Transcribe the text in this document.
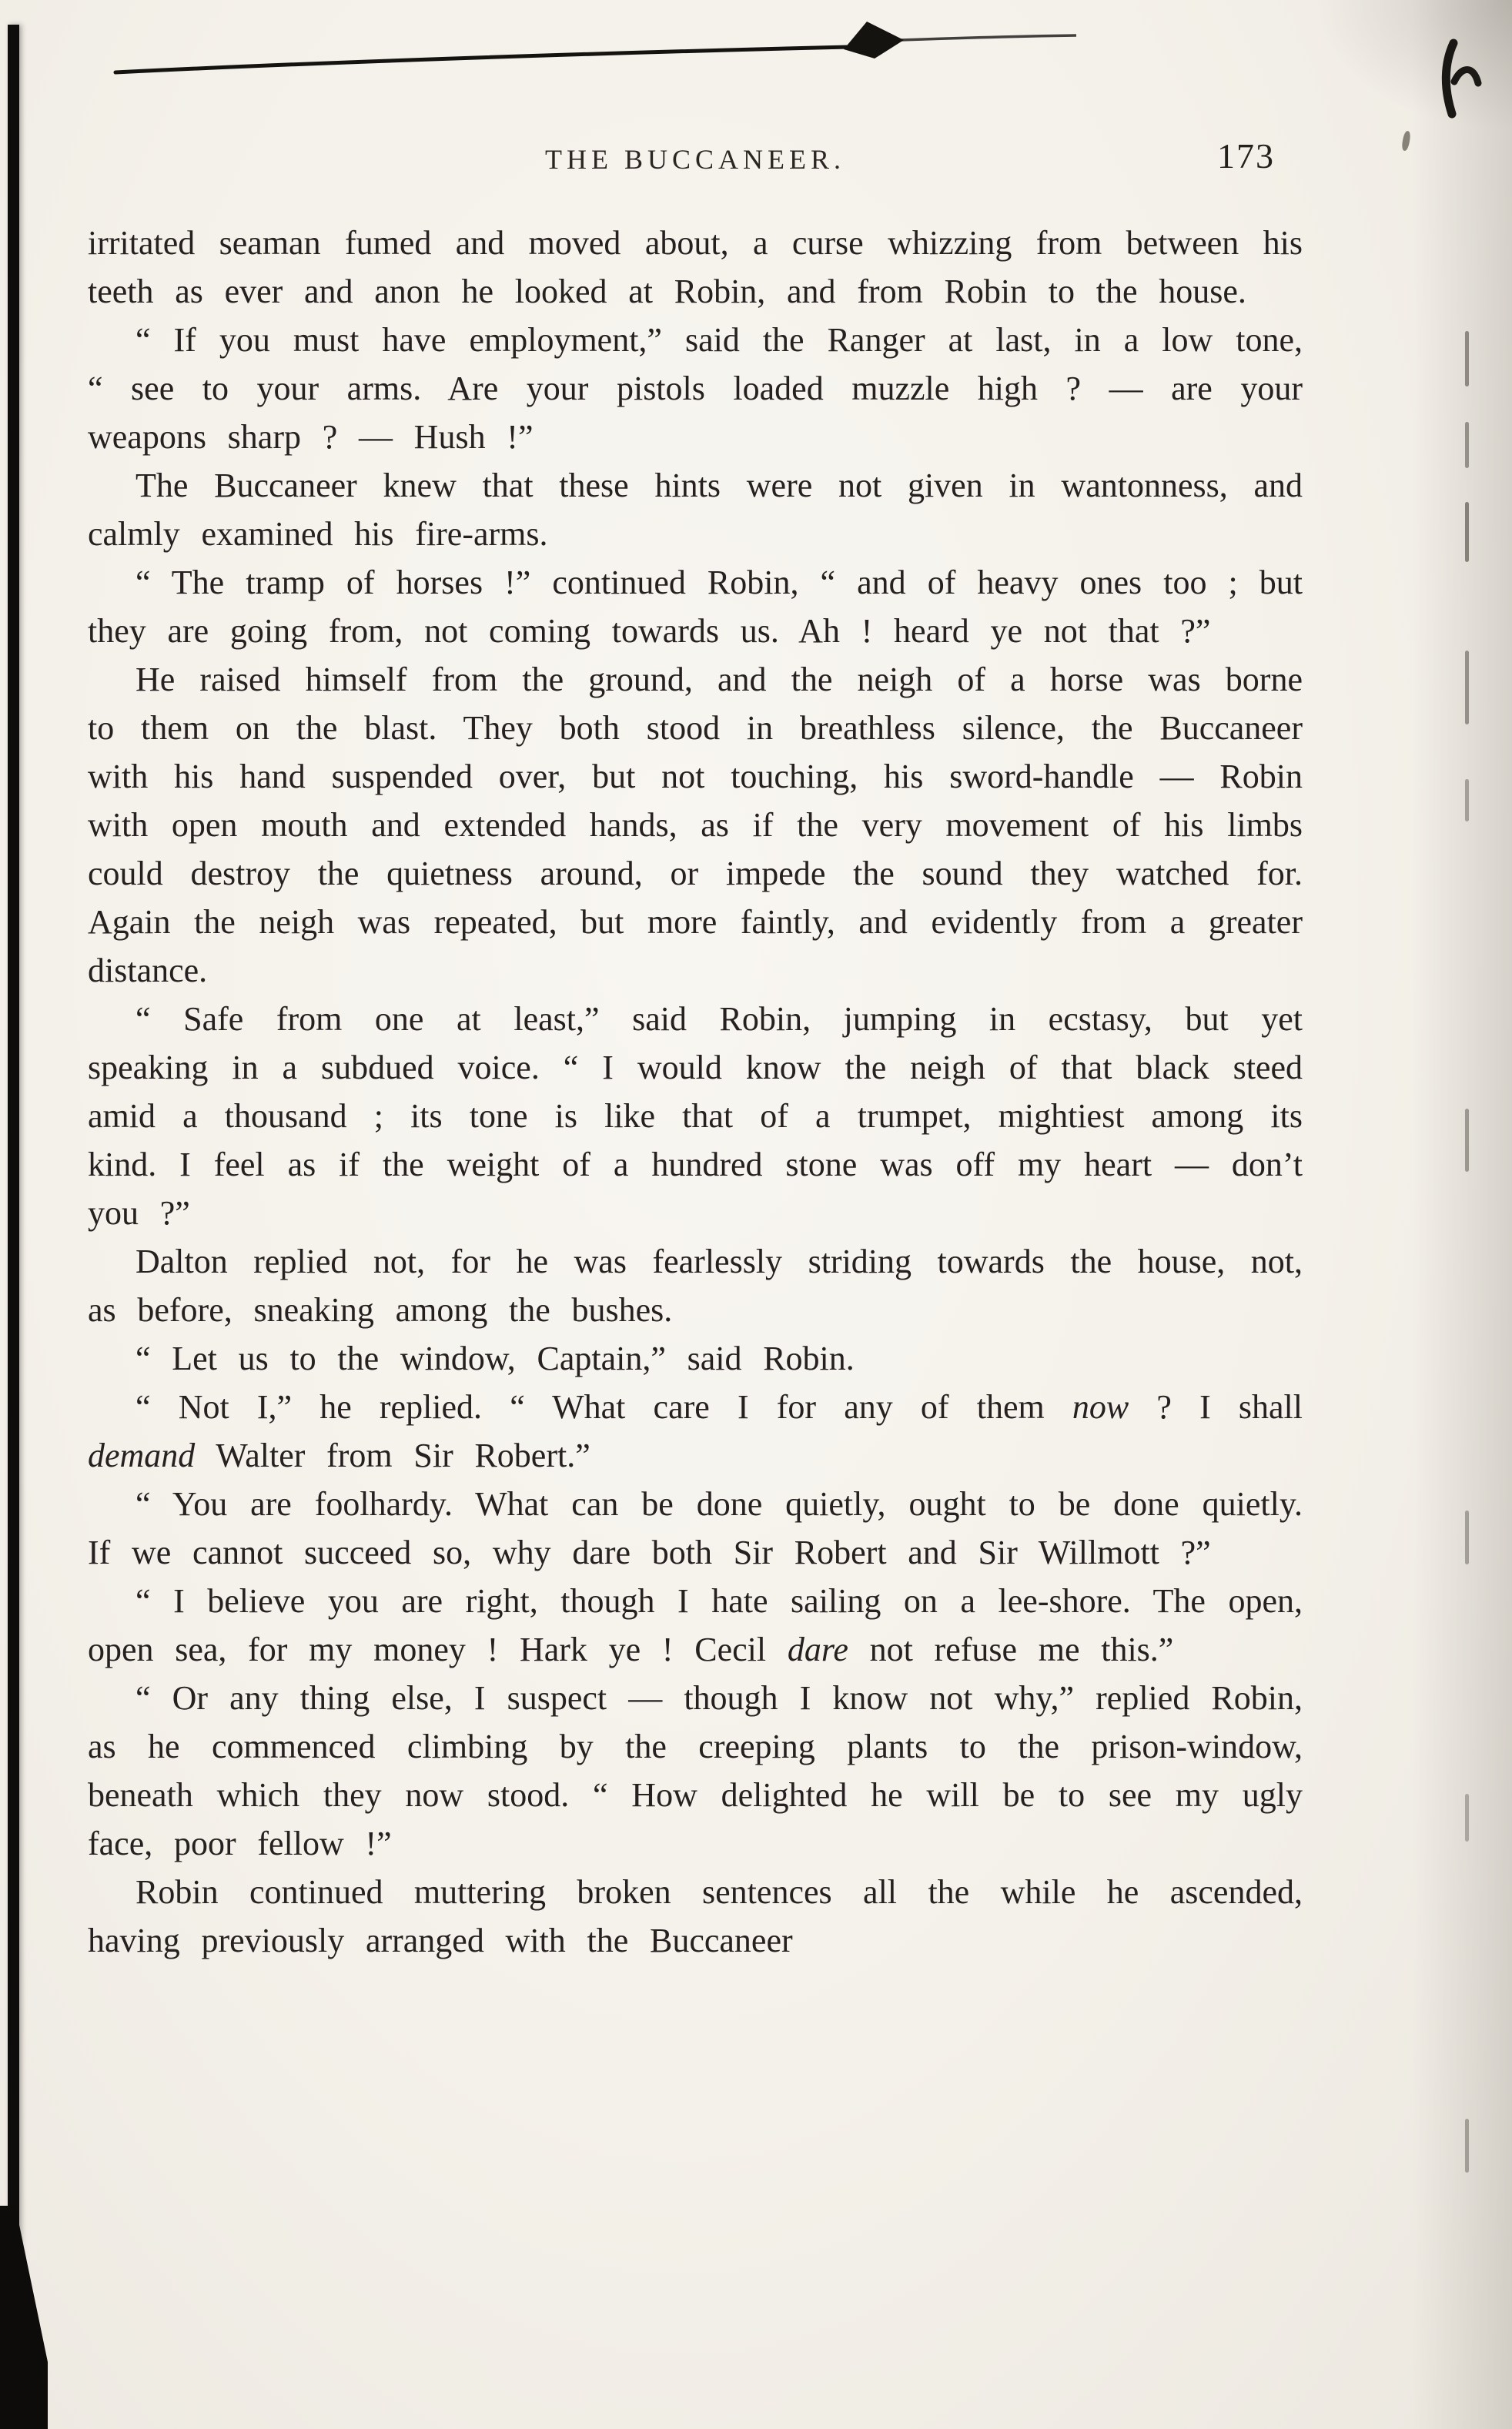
THE BUCCANEER.	173

irritated seaman fumed and moved about, a curse whizzing from between his teeth as ever and anon he looked at Robin, and from Robin to the house.

“ If you must have employment,” said the Ranger at last, in a low tone, “ see to your arms. Are your pistols loaded muzzle high ? — are your weapons sharp ? — Hush !”

The Buccaneer knew that these hints were not given in wantonness, and calmly examined his fire-arms.

“ The tramp of horses !” continued Robin, “ and of heavy ones too ; but they are going from, not coming towards us. Ah ! heard ye not that ?”

He raised himself from the ground, and the neigh of a horse was borne to them on the blast. They both stood in breathless silence, the Buccaneer with his hand suspended over, but not touching, his sword-handle — Robin with open mouth and extended hands, as if the very movement of his limbs could destroy the quietness around, or impede the sound they watched for. Again the neigh was repeated, but more faintly, and evidently from a greater distance.

“ Safe from one at least,” said Robin, jumping in ecstasy, but yet speaking in a subdued voice. “ I would know the neigh of that black steed amid a thousand ; its tone is like that of a trumpet, mightiest among its kind. I feel as if the weight of a hundred stone was off my heart — don’t you ?”

Dalton replied not, for he was fearlessly striding towards the house, not, as before, sneaking among the bushes.

“ Let us to the window, Captain,” said Robin.

“ Not I,” he replied. “ What care I for any of them now ? I shall demand Walter from Sir Robert.”

“ You are foolhardy. What can be done quietly, ought to be done quietly. If we cannot succeed so, why dare both Sir Robert and Sir Willmott ?”

“ I believe you are right, though I hate sailing on a lee-shore. The open, open sea, for my money ! Hark ye ! Cecil dare not refuse me this.”

“ Or any thing else, I suspect — though I know not why,” replied Robin, as he commenced climbing by the creeping plants to the prison-window, beneath which they now stood. “ How delighted he will be to see my ugly face, poor fellow !”

Robin continued muttering broken sentences all the while he ascended, having previously arranged with the Buccaneer
